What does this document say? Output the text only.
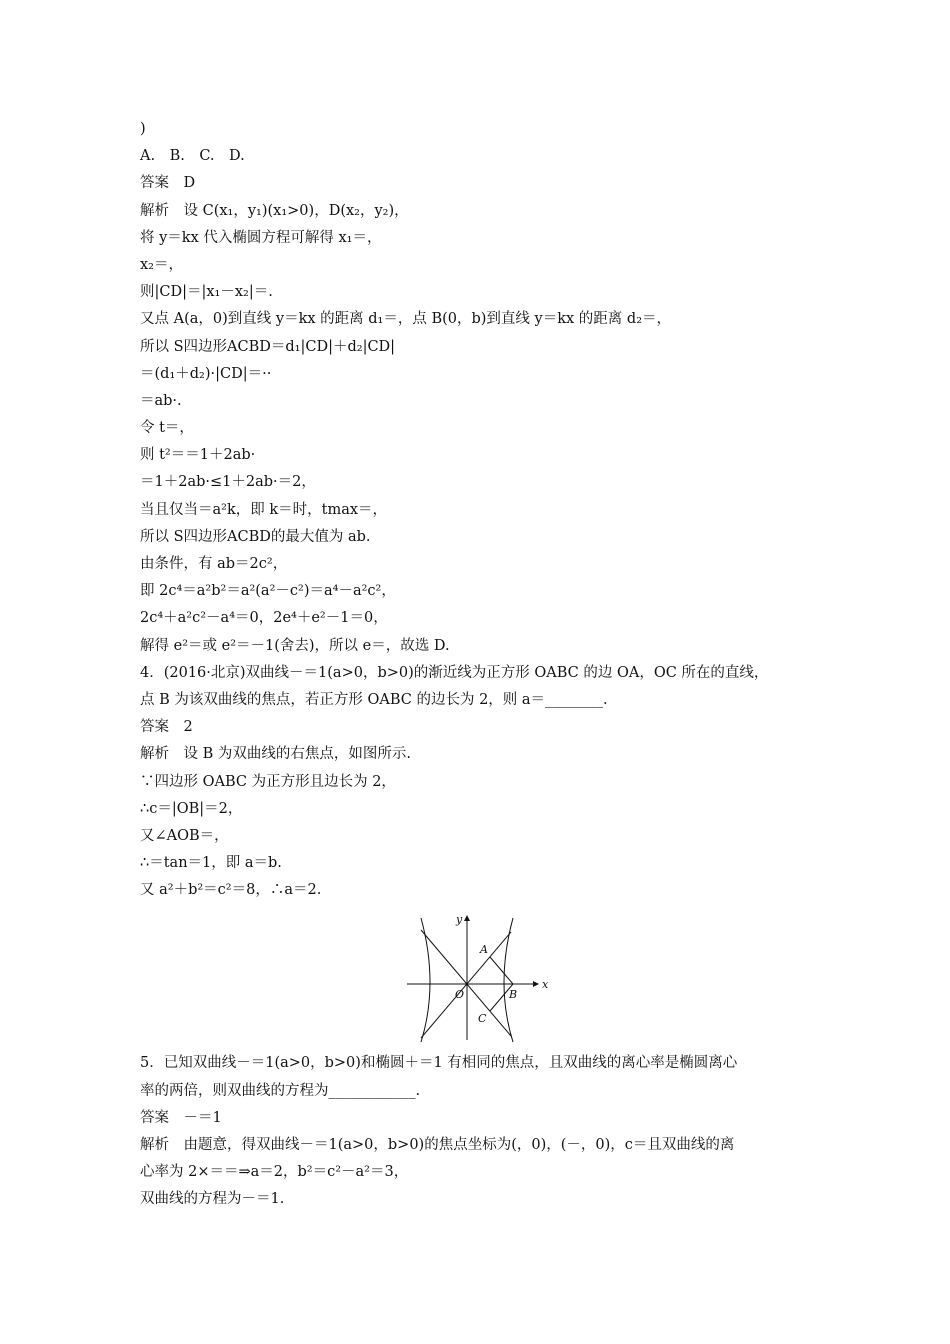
)
A.　B.　C.　D.
答案　D
解析　设 C(x₁，y₁)(x₁>0)，D(x₂，y₂)，
将 y＝kx 代入椭圆方程可解得 x₁＝，
x₂＝，
则|CD|＝|x₁－x₂|＝.
又点 A(a，0)到直线 y＝kx 的距离 d₁＝，点 B(0，b)到直线 y＝kx 的距离 d₂＝，
所以 S四边形ACBD＝d₁|CD|＋d₂|CD|
＝(d₁＋d₂)·|CD|＝··
＝ab·.
令 t＝，
则 t²＝＝1＋2ab·
＝1＋2ab·≤1＋2ab·＝2，
当且仅当＝a²k，即 k＝时，tmax＝，
所以 S四边形ACBD的最大值为 ab.
由条件，有 ab＝2c²，
即 2c⁴＝a²b²＝a²(a²－c²)＝a⁴－a²c²，
2c⁴＋a²c²－a⁴＝0，2e⁴＋e²－1＝0，
解得 e²＝或 e²＝－1(舍去)，所以 e＝，故选 D.
4．(2016·北京)双曲线－＝1(a>0，b>0)的渐近线为正方形 OABC 的边 OA，OC 所在的直线，
点 B 为该双曲线的焦点，若正方形 OABC 的边长为 2，则 a＝________.
答案　2
解析　设 B 为双曲线的右焦点，如图所示.
∵四边形 OABC 为正方形且边长为 2，
∴c＝|OB|＝2，
又∠AOB＝，
∴＝tan＝1，即 a＝b.
又 a²＋b²＝c²＝8，∴a＝2.
y
x
O
A
B
C
5．已知双曲线－＝1(a>0，b>0)和椭圆＋＝1 有相同的焦点，且双曲线的离心率是椭圆离心
率的两倍，则双曲线的方程为____________.
答案　－＝1
解析　由题意，得双曲线－＝1(a>0，b>0)的焦点坐标为(，0)，(－，0)，c＝且双曲线的离
心率为 2×＝＝⇒a＝2，b²＝c²－a²＝3，
双曲线的方程为－＝1.
